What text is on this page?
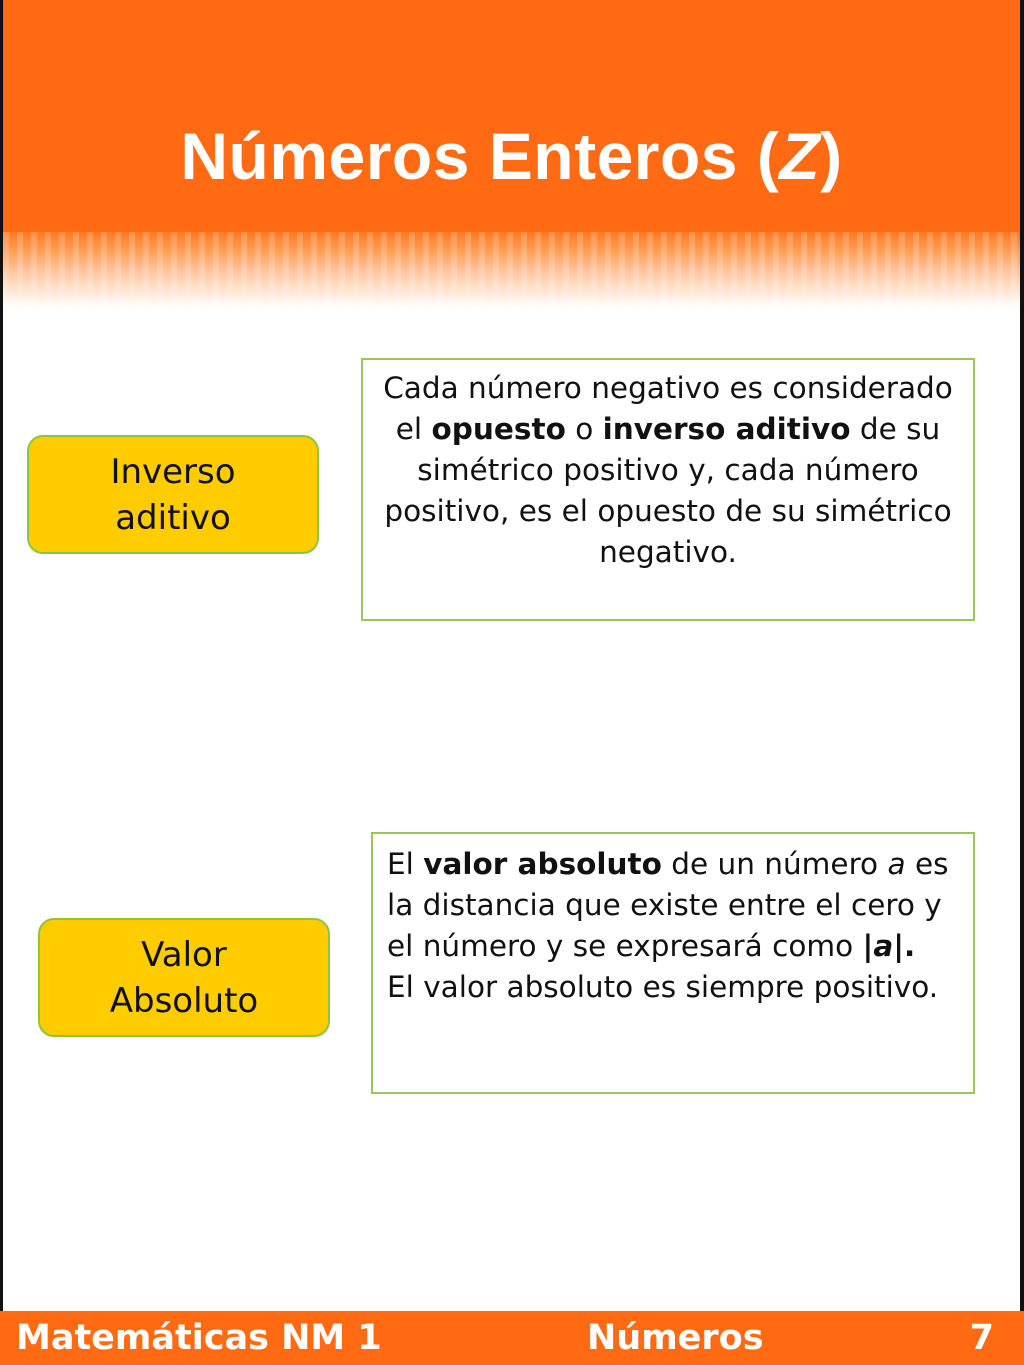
Números Enteros (Z)
Inverso
aditivo
Cada número negativo es considerado el opuesto o inverso aditivo de su simétrico positivo y, cada número positivo, es el opuesto de su simétrico negativo.
Valor
Absoluto
El valor absoluto de un número a es la distancia que existe entre el cero y el número y se expresará como |a|.
El valor absoluto es siempre positivo.
Matemáticas NM 1	Números	7
